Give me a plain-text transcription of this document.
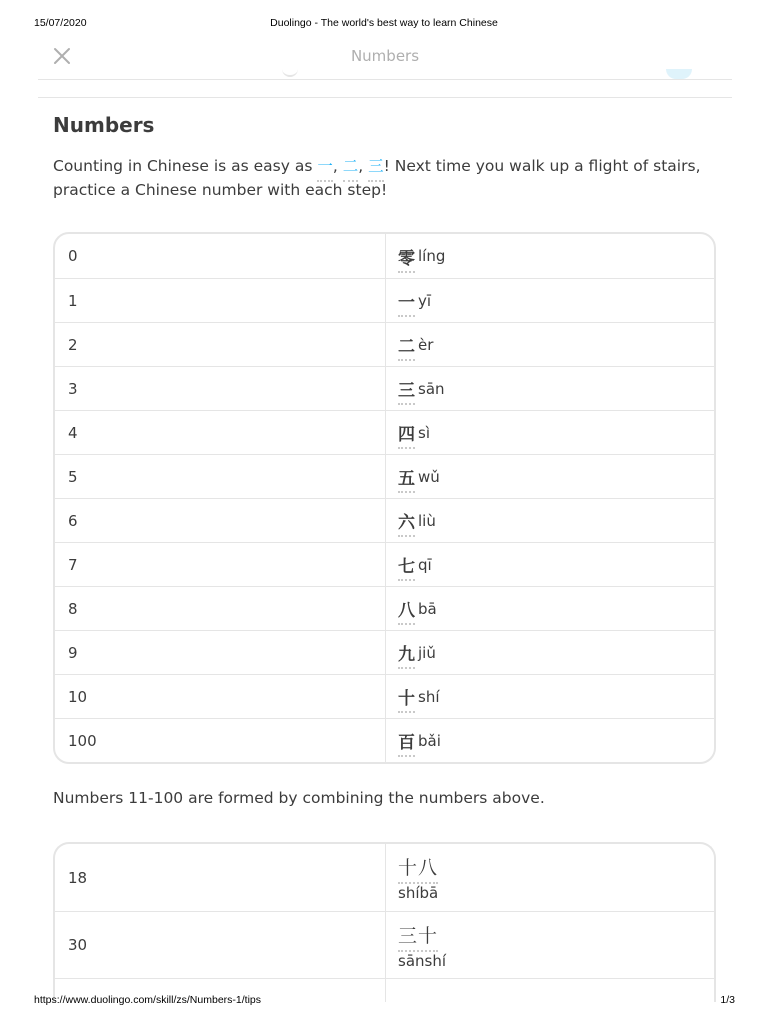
15/07/2020	Duolingo - The world's best way to learn Chinese
Numbers
Numbers
Counting in Chinese is as easy as 一, 二, 三! Next time you walk up a flight of stairs, practice a Chinese number with each step!
0	零 líng
1	一 yī
2	二 èr
3	三 sān
4	四 sì
5	五 wǔ
6	六 liù
7	七 qī
8	八 bā
9	九 jiǔ
10	十 shí
100	百 bǎi
Numbers 11-100 are formed by combining the numbers above.
18	十八
shíbā
30	三十
sānshí
https://www.duolingo.com/skill/zs/Numbers-1/tips	1/3
